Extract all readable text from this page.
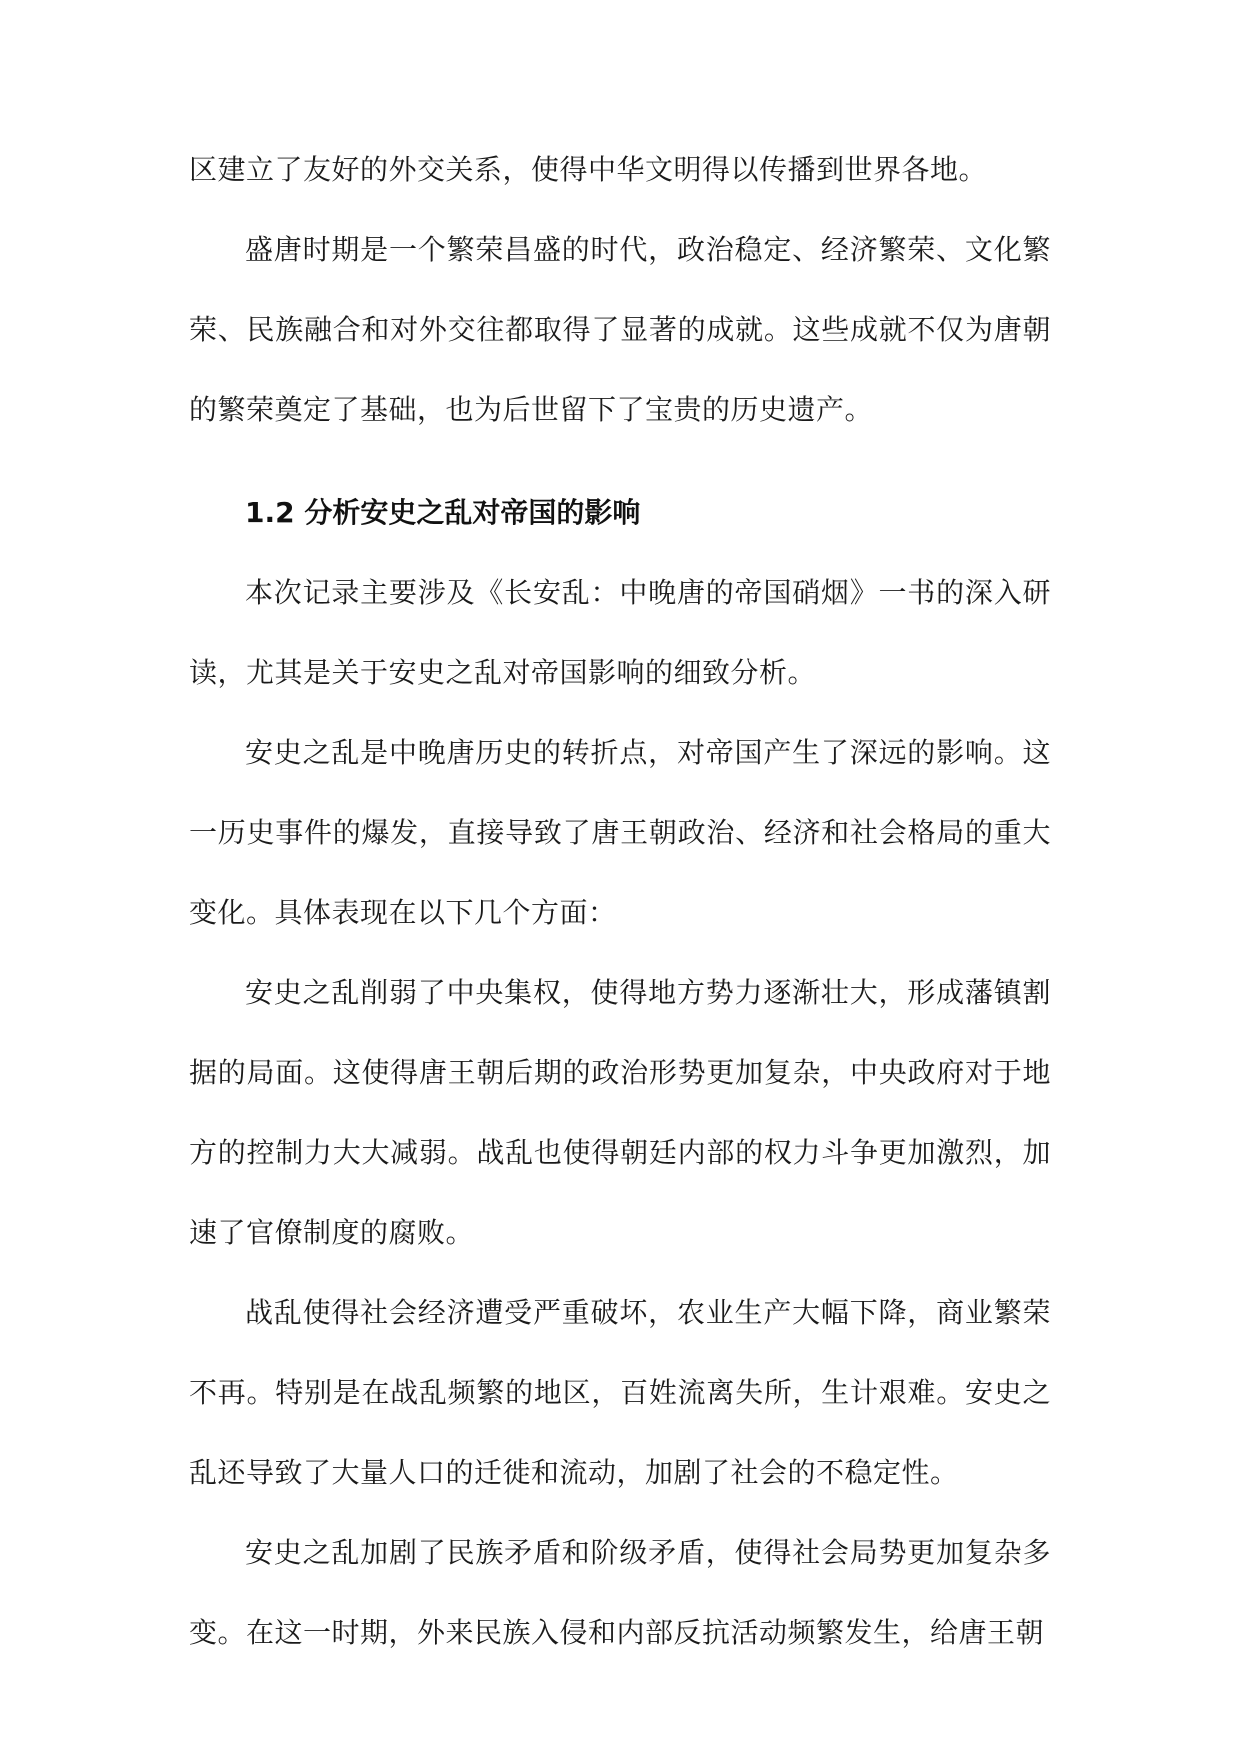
区建立了友好的外交关系，使得中华文明得以传播到世界各地。

盛唐时期是一个繁荣昌盛的时代，政治稳定、经济繁荣、文化繁荣、民族融合和对外交往都取得了显著的成就。这些成就不仅为唐朝的繁荣奠定了基础，也为后世留下了宝贵的历史遗产。

1.2 分析安史之乱对帝国的影响

本次记录主要涉及《长安乱：中晚唐的帝国硝烟》一书的深入研读，尤其是关于安史之乱对帝国影响的细致分析。

安史之乱是中晚唐历史的转折点，对帝国产生了深远的影响。这一历史事件的爆发，直接导致了唐王朝政治、经济和社会格局的重大变化。具体表现在以下几个方面：

安史之乱削弱了中央集权，使得地方势力逐渐壮大，形成藩镇割据的局面。这使得唐王朝后期的政治形势更加复杂，中央政府对于地方的控制力大大减弱。战乱也使得朝廷内部的权力斗争更加激烈，加速了官僚制度的腐败。

战乱使得社会经济遭受严重破坏，农业生产大幅下降，商业繁荣不再。特别是在战乱频繁的地区，百姓流离失所，生计艰难。安史之乱还导致了大量人口的迁徙和流动，加剧了社会的不稳定性。

安史之乱加剧了民族矛盾和阶级矛盾，使得社会局势更加复杂多变。在这一时期，外来民族入侵和内部反抗活动频繁发生，给唐王朝
